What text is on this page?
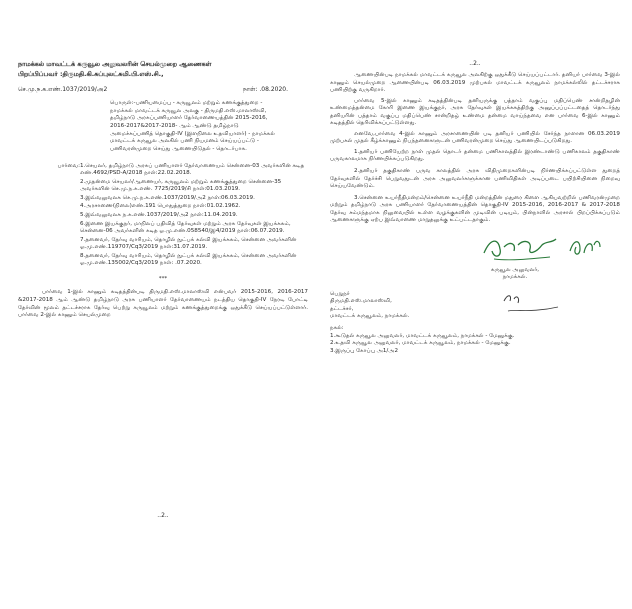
நாமக்கல் மாவட்டக் கருவூல அலுவலரின் செயல்முறை ஆணைகள்
பிறப்பிப்பவர் :திருமதி.கி.சுப்புலட்சுமி.பி.எஸ்.சி.,
செ.மு.ந.க.எண்.1037/2019/அ2	நாள்: .08.2020.
பொருள்:-பணியமைப்பு - கருவூலம் மற்றும் கணக்குத்துறை - நாமக்கல் மாவட்டக் கருவூல அலகு - திருமதி.எஸ்.மாலாஸ்வி, தமிழ்நாடு அரசுப்பணியாளர் தேர்வாணையத்தின் 2015-2016, 2016-2017&2017-2018- ஆம் ஆண்டு தமிழ்நாடு அமைச்சுப்பணித் தொகுதி-IV (இளநிலை உதவியாளர்) - நாமக்கல் மாவட்டக் கருவூல அலகில் பணி நியமனம் செய்யப்பட்டு - பணிவரன்முறை செய்து ஆணையிடுதல் - தொடர்பாக.
பார்வை: 1.செயலர், தமிழ்நாடு அரசுப் பணியாளர் தேர்வாணையம் சென்னை-03 அவர்களின் கடித எண்.4692/PSD-A/2018 நாள்:22.02.2018.
2.முதன்மை செயலர்/ஆணையர், கருவூலம் மற்றும் கணக்குத்துறை சென்னை-35 அவர்களின் செ.மு.ந.க.எண். 7725/2019/சி நாள்:01.03.2019.
3.இவ்வலுவலக செ.மு.ந.க.எண்.1037/2019/அ2 நாள்:06.03.2019.
4.அரசாணை(நிலை)எண்.191 பொதுத்துறை நாள்:01.02.1962.
5.இவ்வலுவலக ந.க.எண்.1037/2019/அ2 நாள்:11.04.2019.
6.இணை இயக்குநர், மாநிலப் பதிவித் தேர்வுகள் மற்றும் அரசு தேர்வுகள் இயக்ககம், சென்னை-06 அவர்களின் கடித ஓ.மு.எண்.058540/இ4/2019 நாள்:06.07.2019.
7.தனைவர், தேர்வு வாரியம், தொழில் நுட்பக் கல்வி இயக்ககம், சென்னை அவர்களின் ஓ.மு.எண்.119707/Cq3/2019 நாள்:31.07.2019.
8.தனைவர், தேர்வு வாரியம், தொழில் நுட்பக் கல்வி இயக்ககம், சென்னை அவர்களின் ஓ.மு.எண்.135002/Cq3/2019 நாள்: .07.2020.
***
பார்வை 1-இல் காணும் கடிதத்தின்படி திருமதி.எஸ்.மாலாஸ்வி என்பவர் 2015-2016, 2016-2017 &2017-2018 ஆம் ஆண்டு தமிழ்நாடு அரசு பணியாளர் தேர்வாணையம் நடத்திய தொகுதி-IV நேரடி போட்டி தேர்வின் மூலம் தட்டச்சராக தேர்வு பெற்று கருவூலம் மற்றும் கணக்குத்துறைக்கு ஒதுக்கீடு செய்யப்பட்டுள்ளார். பார்வை 2-இல் காணும் செயல்முறை
..2..
..2..
ஆணையின்படி நாமக்கல் மாவட்டக் கருவூல அலகிற்கு ஒதுக்கீடு செய்யப்பட்டார். தனியர் பார்வை 3-இல் காணும் செயல்முறை ஆணையின்படி 06.03.2019 முற்பகல் மாவட்டக் கருவூலம் நாமக்கல்லில் தட்டச்சராக பணியிற்கு வருகிறார்.
பார்வை 5-இல் காணும் கடிதத்தின்படி தனியருக்கு பத்தாம் வகுப்பு மதிப்பெண் சான்றிதழின் உண்மைத்தன்மை கோரி இணை இயக்குநர், அரசு தேர்வுகள் இயக்ககத்திற்கு அனுப்பப்பட்டதைத் தொடர்ந்து தனியரின் பத்தாம் வகுப்பு மதிப்பெண் சான்றிதழ் உண்மை தன்மை வாய்ந்தவை என பார்வை 6-இல் காணும் கடிதத்தில் தெரிவிக்கப்பட்டுள்ளது.
எனவே,பார்வை 4-இல் காணும் அரசாணையின் படி தனியர் பணியில் சேர்ந்த நாளான 06.03.2019 முற்பகல் முதல் கீழ்க்காணும் நிபந்தனைகளுடன் பணிவரன்முறை செய்து ஆணையிடப்படுகிறது.
1.தனியர் பணியேற்ற நாள் முதல் தொடர் தன்மை பணிகாலத்தில் இரண்டாண்டு பணிகாலம் தகுதிகாண் பருவகாலமாக நிர்ணயிக்கப்படுகிறது.
2.தனியர் தகுதிகாண் பருவ காலத்தில் அரசு விதிமுறைகளின்படி நிர்ணயிக்கப்பட்டுள்ள துறைத் தேர்வுகளில் தேர்ச்சி பெறுவதுடன் அரசு அலுவலர்களுக்கான பணிவிதிகள் அடிப்படை பயிற்சியினை நிறைவு செய்யவேண்டும்.
3.சென்னை உயர்நீதிமன்றம்/சென்னை உயர்நீதி மன்றத்தின் மதுரை கிளை ஆகியவற்றில் பணிவரன்முறை மற்றும் தமிழ்நாடு அரசு பணியாளர் தேர்வாணையத்தின் தொகுதி-IV 2015-2016, 2016-2017 & 2017-2018 தேர்வு சம்மந்தமாக நிலுவையில் உள்ள வழக்குகளின் முடிவின் படியும், பின்நாளில் அரசால் பிறப்பிக்கப்படும் ஆணைகளுக்கு ஏற்ப இவ்வாணை மாறுதலுக்கு உட்பட்டதாகும்.
கருவூல அலுவலர்,
நாமக்கல்.
பெறுநர்
திருமதி.எஸ்.மாலாஸ்வி,
தட்டச்சர்,
மாவட்டக் கருவூலம், நாமக்கல்.
நகல்:
1.கூடுதல் கருவூல அலுவலர், மாவட்டக் கருவூலம், நாமக்கல் - மேனுக்கு.
2.உதவி கருவூல அலுவலர், மாவட்டக் கருவூலம், நாமக்கல் - மேனுக்கு.
3.இருப்பு கோப்பு அ1/அ2
